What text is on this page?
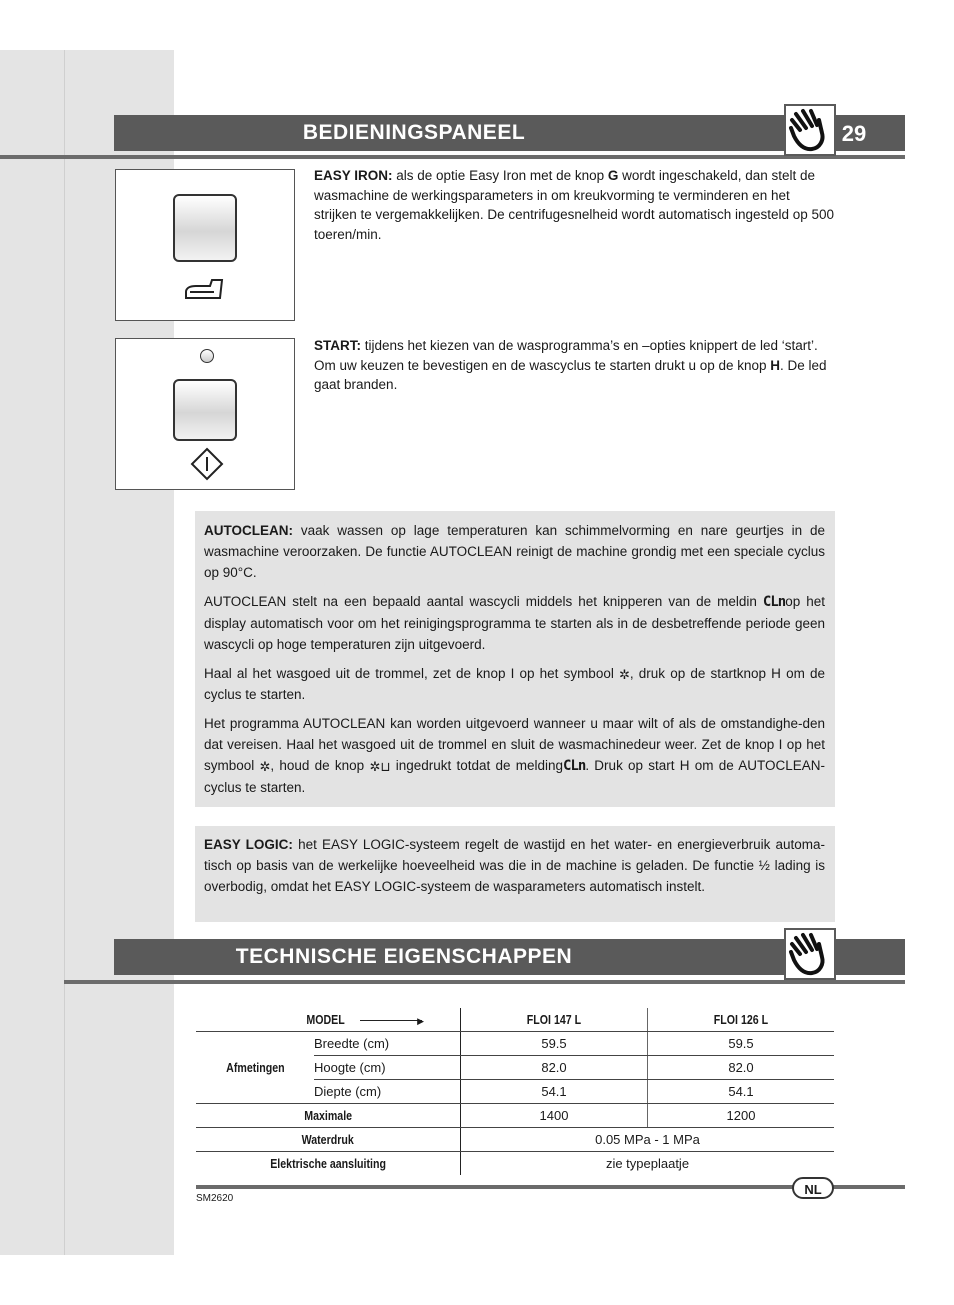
BEDIENINGSPANEEL	29
EASY IRON: als de optie Easy Iron met de knop G wordt ingeschakeld, dan stelt de wasmachine de werkingsparameters in om kreukvorming te verminderen en het strijken te vergemakkelijken. De centrifugesnelheid wordt automatisch ingesteld op 500 toeren/min.
START: tijdens het kiezen van de wasprogramma’s en –opties knippert de led ‘start’. Om uw keuzen te bevestigen en de wascyclus te starten drukt u op de knop H. De led gaat branden.
AUTOCLEAN: vaak wassen op lage temperaturen kan schimmelvorming en nare geurtjes in de wasmachine veroorzaken. De functie AUTOCLEAN reinigt de machine grondig met een speciale cyclus op 90°C.
AUTOCLEAN stelt na een bepaald aantal wascycli middels het knipperen van de meldin CLnop het display automatisch voor om het reinigingsprogramma te starten als in de desbetreffende periode geen wascycli op hoge temperaturen zijn uitgevoerd.
Haal al het wasgoed uit de trommel, zet de knop I op het symbool ✲, druk op de startknop H om de cyclus te starten.
Het programma AUTOCLEAN kan worden uitgevoerd wanneer u maar wilt of als de omstandighe-den dat vereisen. Haal het wasgoed uit de trommel en sluit de wasmachinedeur weer. Zet de knop I op het symbool ✲, houd de knop ✲⊔ ingedrukt totdat de meldingCLn. Druk op start H om de AUTOCLEAN-cyclus te starten.
EASY LOGIC: het EASY LOGIC-systeem regelt de wastijd en het water- en energieverbruik automa-tisch op basis van de werkelijke hoeveelheid was die in de machine is geladen. De functie ½ lading is overbodig, omdat het EASY LOGIC-systeem de wasparameters automatisch instelt.
TECHNISCHE EIGENSCHAPPEN
MODEL ▶		FLOI 147 L	FLOI 126 L
Afmetingen	Breedte (cm)	59.5	59.5
	Hoogte (cm)	82.0	82.0
	Diepte (cm)	54.1	54.1
Maximale		1400	1200
Waterdruk		0.05 MPa - 1 MPa	
Elektrische aansluiting		zie typeplaatje	
NL
SM2620
